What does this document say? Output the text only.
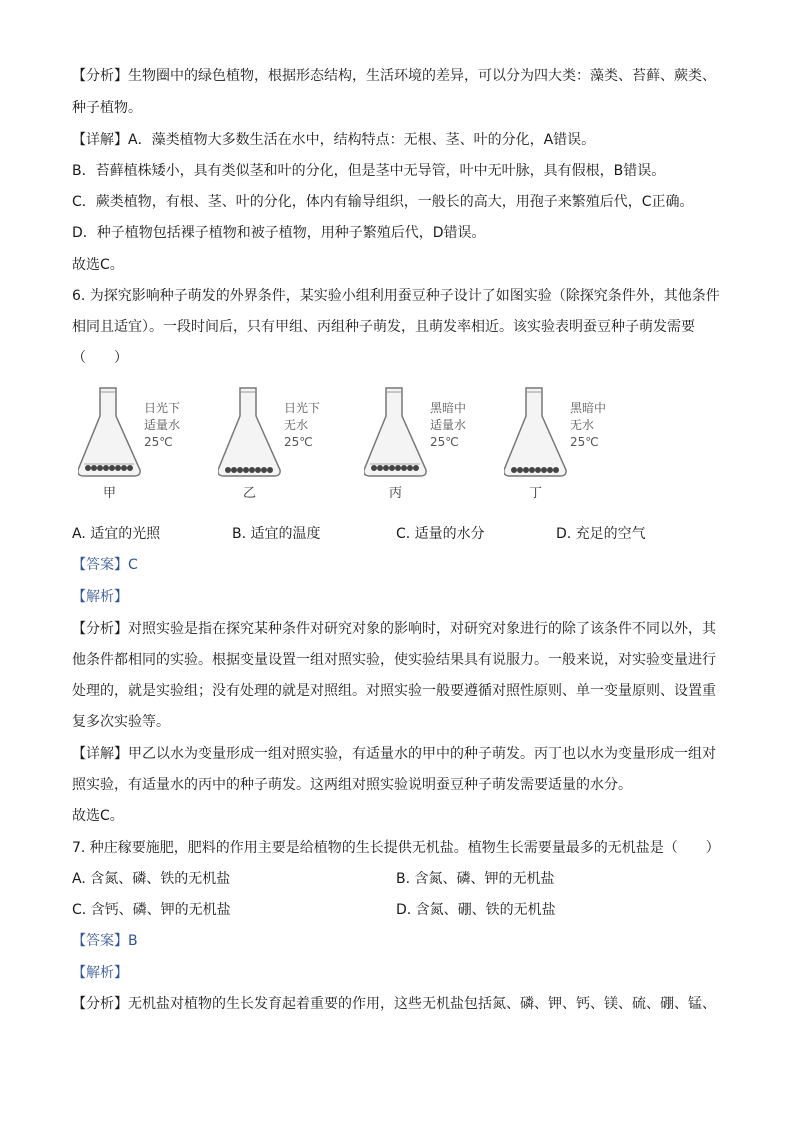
【分析】生物圈中的绿色植物，根据形态结构，生活环境的差异，可以分为四大类：藻类、苔藓、蕨类、
种子植物。
【详解】A．藻类植物大多数生活在水中，结构特点：无根、茎、叶的分化，A错误。
B．苔藓植株矮小，具有类似茎和叶的分化，但是茎中无导管，叶中无叶脉，具有假根，B错误。
C．蕨类植物，有根、茎、叶的分化，体内有输导组织，一般长的高大，用孢子来繁殖后代，C正确。
D．种子植物包括裸子植物和被子植物，用种子繁殖后代，D错误。
故选C。
6. 为探究影响种子萌发的外界条件，某实验小组利用蚕豆种子设计了如图实验（除探究条件外，其他条件
相同且适宜）。一段时间后，只有甲组、丙组种子萌发，且萌发率相近。该实验表明蚕豆种子萌发需要
（　　）
日光下
适量水
25℃
甲
日光下
无水
25℃
乙
黑暗中
适量水
25℃
丙
黑暗中
无水
25℃
丁
A. 适宜的光照	B. 适宜的温度	C. 适量的水分	D. 充足的空气
【答案】C
【解析】
【分析】对照实验是指在探究某种条件对研究对象的影响时，对研究对象进行的除了该条件不同以外，其
他条件都相同的实验。根据变量设置一组对照实验，使实验结果具有说服力。一般来说，对实验变量进行
处理的，就是实验组；没有处理的就是对照组。对照实验一般要遵循对照性原则、单一变量原则、设置重
复多次实验等。
【详解】甲乙以水为变量形成一组对照实验，有适量水的甲中的种子萌发。丙丁也以水为变量形成一组对
照实验，有适量水的丙中的种子萌发。这两组对照实验说明蚕豆种子萌发需要适量的水分。
故选C。
7. 种庄稼要施肥，肥料的作用主要是给植物的生长提供无机盐。植物生长需要量最多的无机盐是（　　）
A. 含氮、磷、铁的无机盐	B. 含氮、磷、钾的无机盐
C. 含钙、磷、钾的无机盐	D. 含氮、硼、铁的无机盐
【答案】B
【解析】
【分析】无机盐对植物的生长发育起着重要的作用，这些无机盐包括氮、磷、钾、钙、镁、硫、硼、锰、
